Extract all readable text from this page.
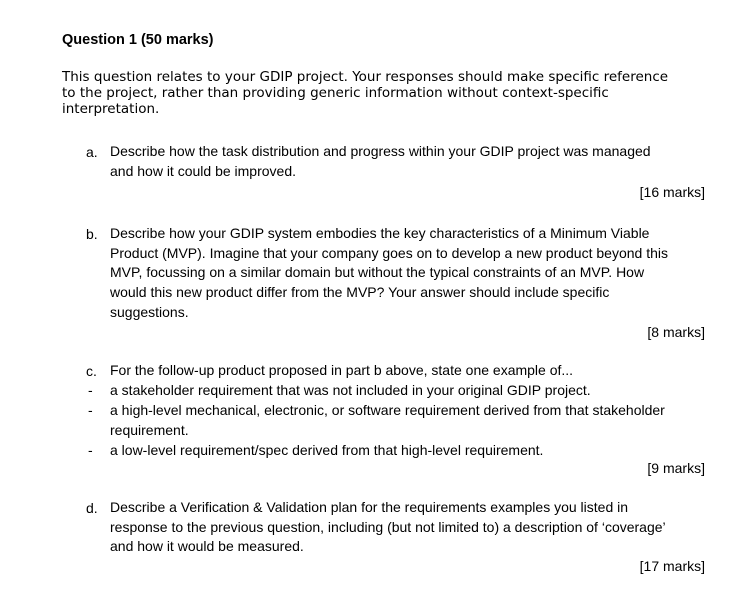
Question 1 (50 marks)
This question relates to your GDIP project. Your responses should make specific reference
to the project, rather than providing generic information without context-specific
interpretation.
a. Describe how the task distribution and progress within your GDIP project was managed
and how it could be improved.
[16 marks]
b. Describe how your GDIP system embodies the key characteristics of a Minimum Viable
Product (MVP). Imagine that your company goes on to develop a new product beyond this
MVP, focussing on a similar domain but without the typical constraints of an MVP. How
would this new product differ from the MVP? Your answer should include specific
suggestions.
[8 marks]
c. For the follow-up product proposed in part b above, state one example of...
- a stakeholder requirement that was not included in your original GDIP project.
- a high-level mechanical, electronic, or software requirement derived from that stakeholder
requirement.
- a low-level requirement/spec derived from that high-level requirement.
[9 marks]
d. Describe a Verification & Validation plan for the requirements examples you listed in
response to the previous question, including (but not limited to) a description of ‘coverage’
and how it would be measured.
[17 marks]
